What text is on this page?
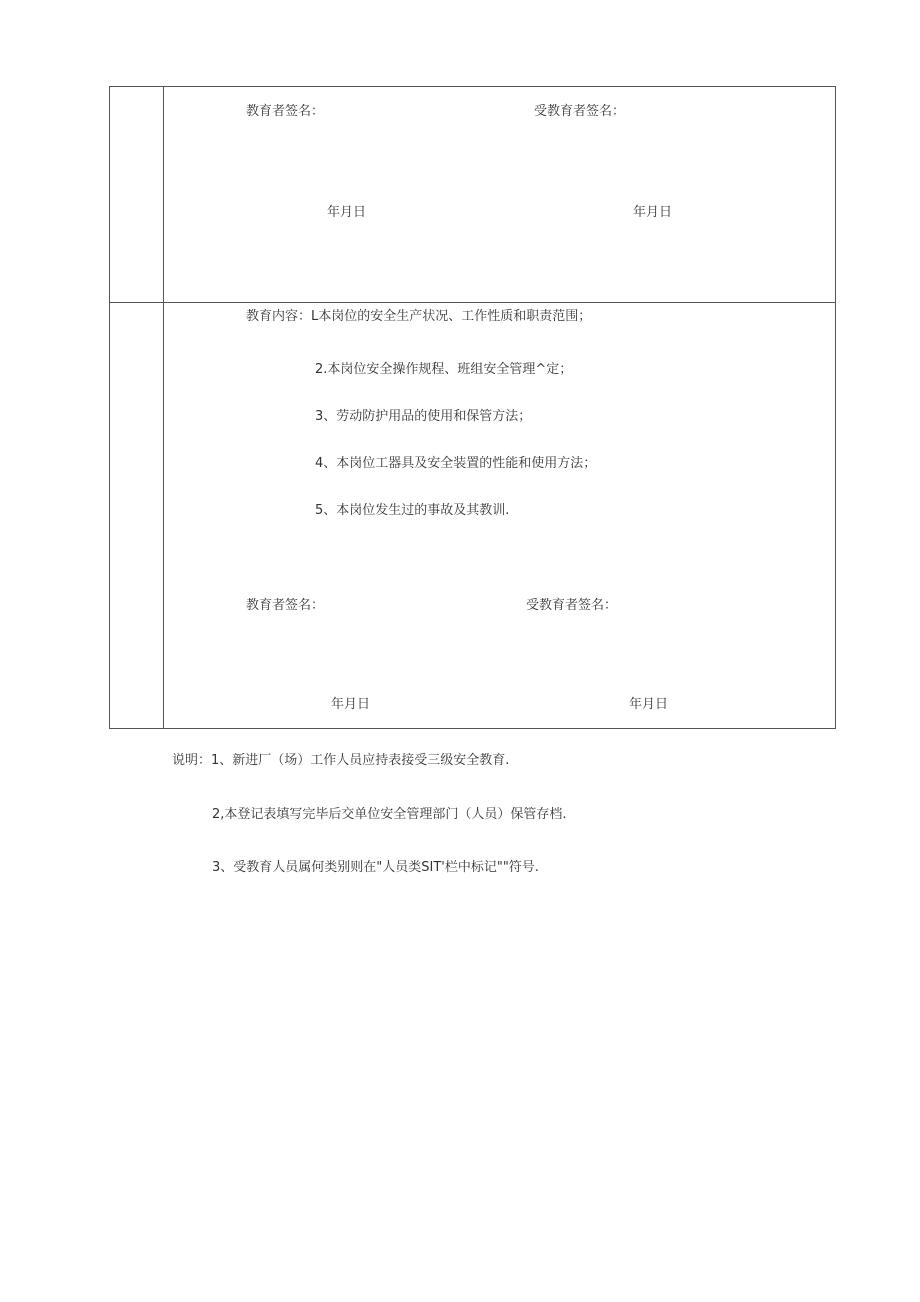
教育者签名：	受教育者签名：
年月日	年月日
教育内容：L本岗位的安全生产状况、工作性质和职责范围；
2.本岗位安全操作规程、班组安全管理^定；
3、劳动防护用品的使用和保管方法；
4、本岗位工器具及安全装置的性能和使用方法；
5、本岗位发生过的事故及其教训.
教育者签名：	受教育者签名：
年月日	年月日
说明：1、新进厂（场）工作人员应持表接受三级安全教育.
2,本登记表填写完毕后交单位安全管理部门（人员）保管存档.
3、受教育人员属何类别则在"人员类SIT'栏中标记""符号.
